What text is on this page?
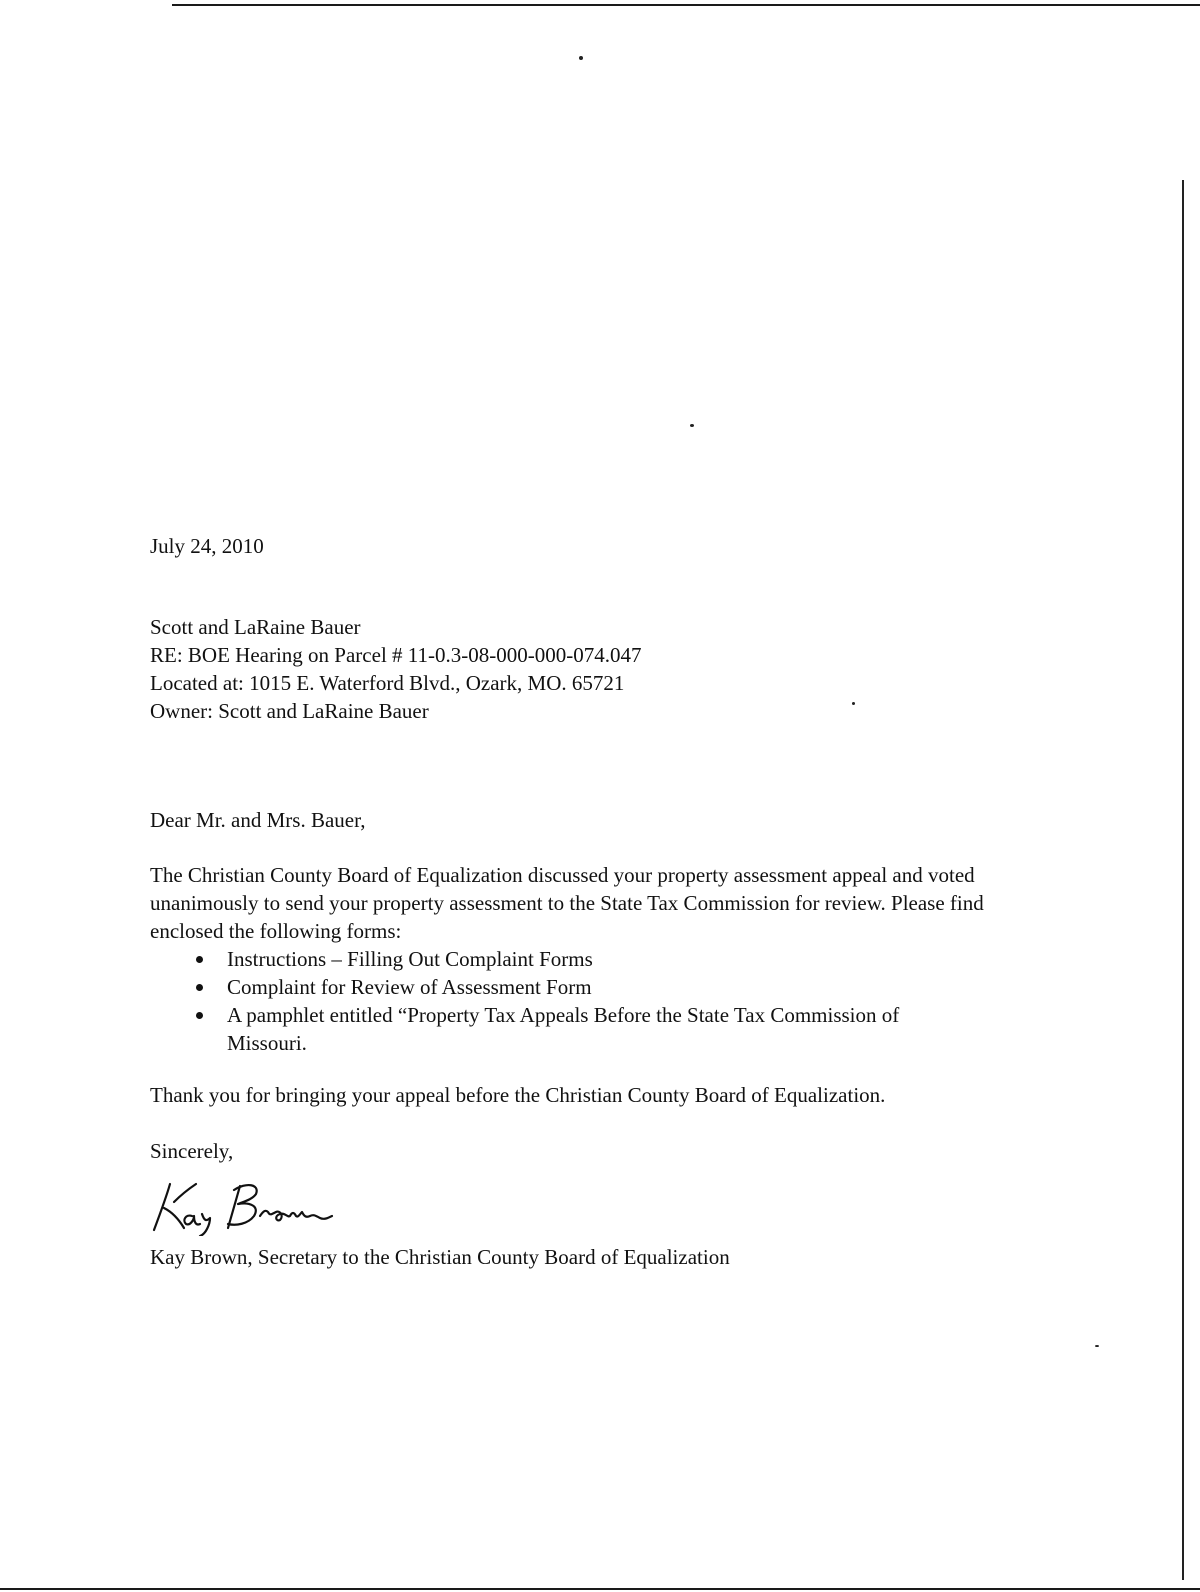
July 24, 2010
Scott and LaRaine Bauer
RE: BOE Hearing on Parcel # 11-0.3-08-000-000-074.047
Located at: 1015 E. Waterford Blvd., Ozark, MO. 65721
Owner: Scott and LaRaine Bauer
Dear Mr. and Mrs. Bauer,

The Christian County Board of Equalization discussed your property assessment appeal and voted unanimously to send your property assessment to the State Tax Commission for review. Please find enclosed the following forms:

Instructions – Filling Out Complaint Forms
Complaint for Review of Assessment Form
A pamphlet entitled “Property Tax Appeals Before the State Tax Commission of
Missouri.
Thank you for bringing your appeal before the Christian County Board of Equalization.
Sincerely,
Kay Brown, Secretary to the Christian County Board of Equalization
